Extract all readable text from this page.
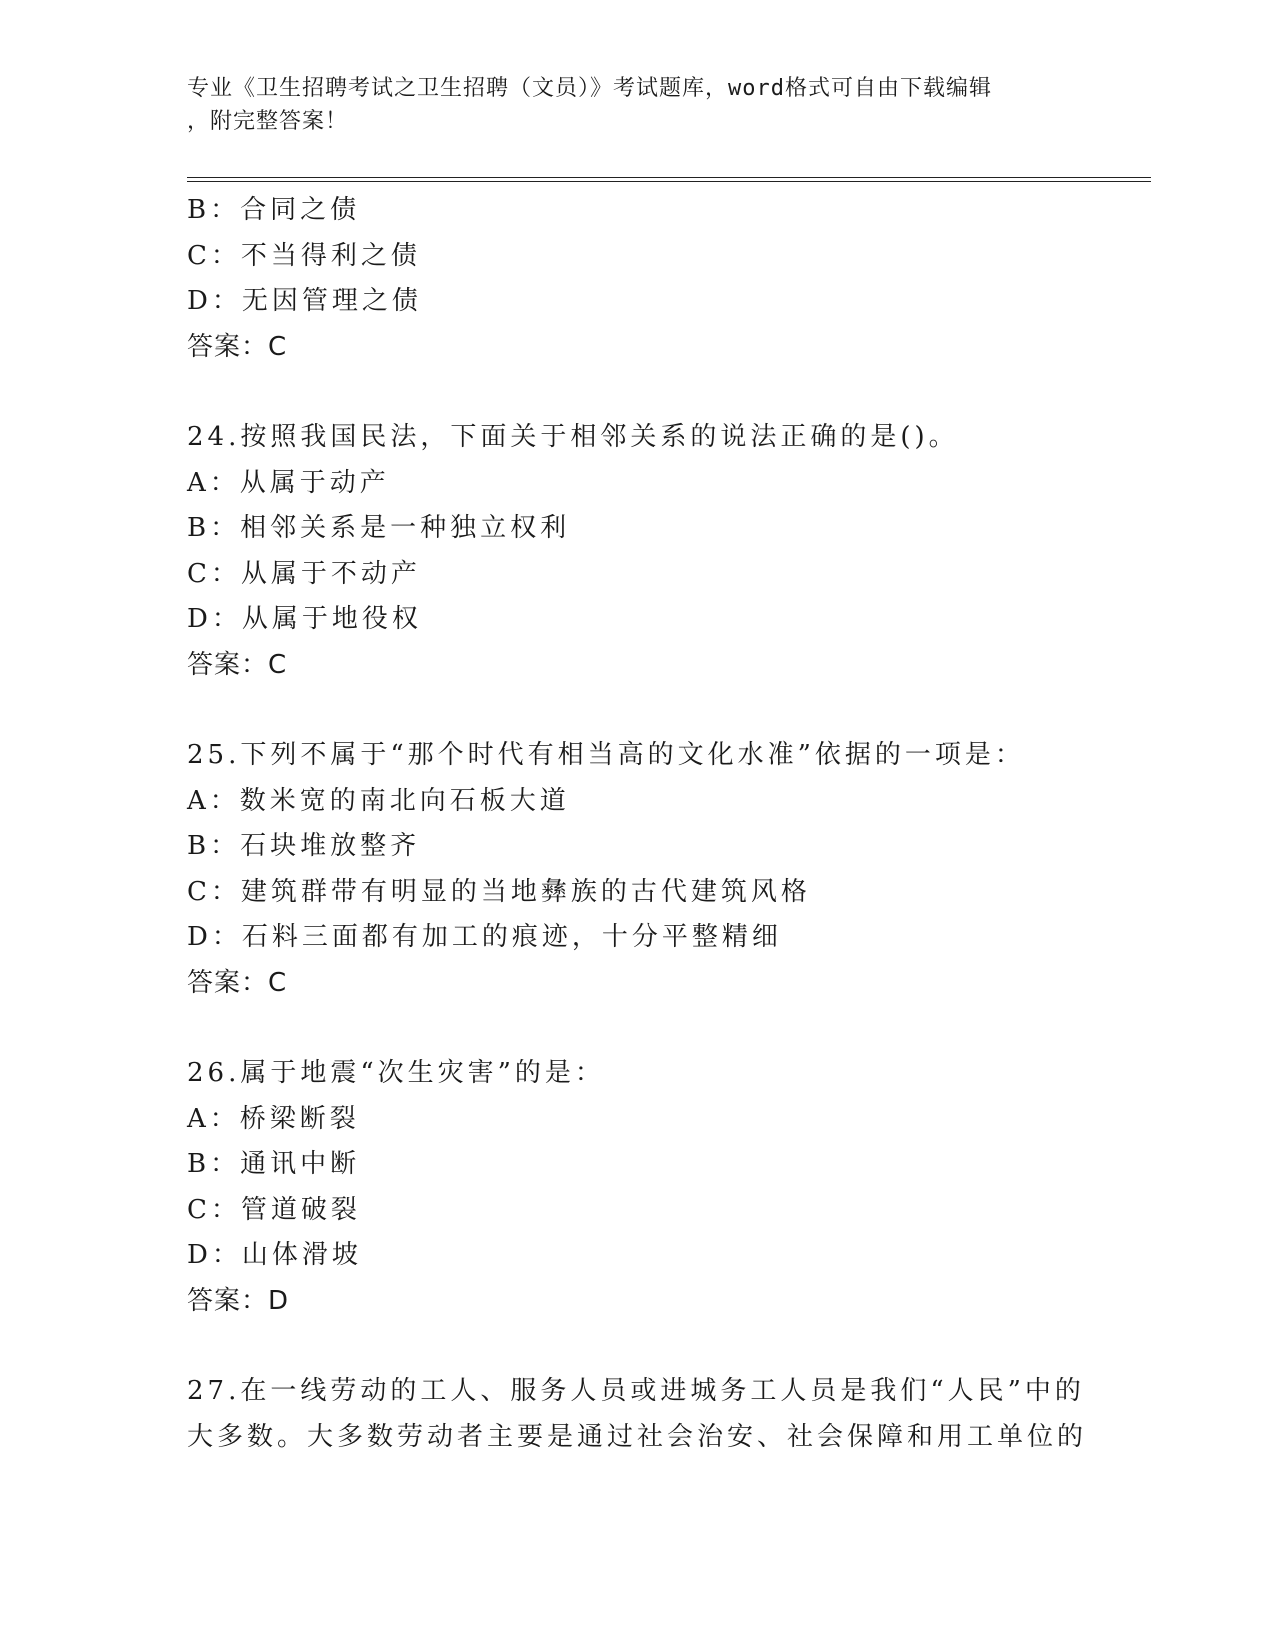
专业《卫生招聘考试之卫生招聘（文员）》考试题库，word格式可自由下载编辑
，附完整答案！
B：合同之债
C：不当得利之债
D：无因管理之债
答案：C
24.按照我国民法，下面关于相邻关系的说法正确的是()。
A：从属于动产
B：相邻关系是一种独立权利
C：从属于不动产
D：从属于地役权
答案：C
25.下列不属于“那个时代有相当高的文化水准”依据的一项是：
A：数米宽的南北向石板大道
B：石块堆放整齐
C：建筑群带有明显的当地彝族的古代建筑风格
D：石料三面都有加工的痕迹，十分平整精细
答案：C
26.属于地震“次生灾害”的是：
A：桥梁断裂
B：通讯中断
C：管道破裂
D：山体滑坡
答案：D
27.在一线劳动的工人、服务人员或进城务工人员是我们“人民”中的
大多数。大多数劳动者主要是通过社会治安、社会保障和用工单位的
